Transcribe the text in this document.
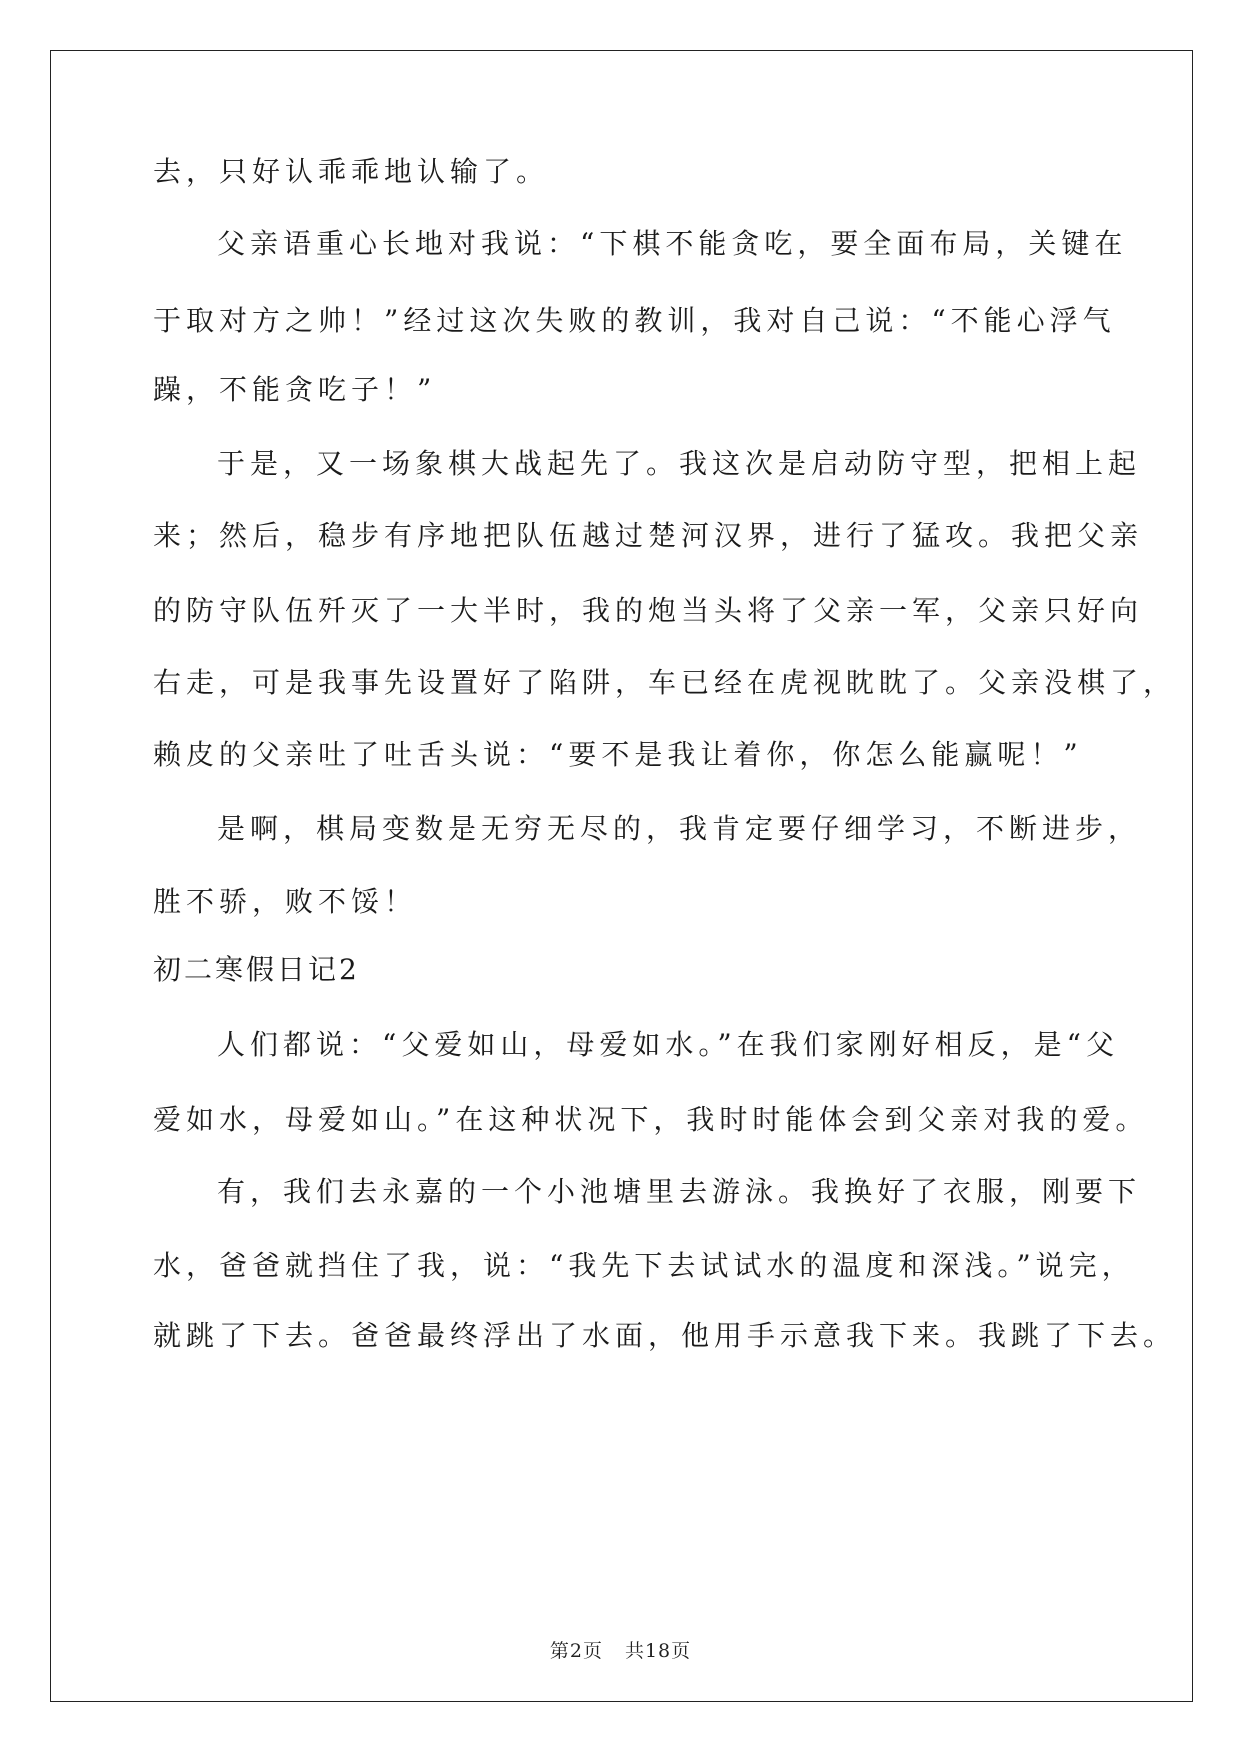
去，只好认乖乖地认输了。
父亲语重心长地对我说：“下棋不能贪吃，要全面布局，关键在
于取对方之帅！”经过这次失败的教训，我对自己说：“不能心浮气
躁，不能贪吃子！”
于是，又一场象棋大战起先了。我这次是启动防守型，把相上起
来；然后，稳步有序地把队伍越过楚河汉界，进行了猛攻。我把父亲
的防守队伍歼灭了一大半时，我的炮当头将了父亲一军，父亲只好向
右走，可是我事先设置好了陷阱，车已经在虎视眈眈了。父亲没棋了，
赖皮的父亲吐了吐舌头说：“要不是我让着你，你怎么能赢呢！”
是啊，棋局变数是无穷无尽的，我肯定要仔细学习，不断进步，
胜不骄，败不馁！
初二寒假日记2
人们都说：“父爱如山，母爱如水。”在我们家刚好相反，是“父
爱如水，母爱如山。”在这种状况下，我时时能体会到父亲对我的爱。
有，我们去永嘉的一个小池塘里去游泳。我换好了衣服，刚要下
水，爸爸就挡住了我，说：“我先下去试试水的温度和深浅。”说完，
就跳了下去。爸爸最终浮出了水面，他用手示意我下来。我跳了下去。
第2页 共18页
